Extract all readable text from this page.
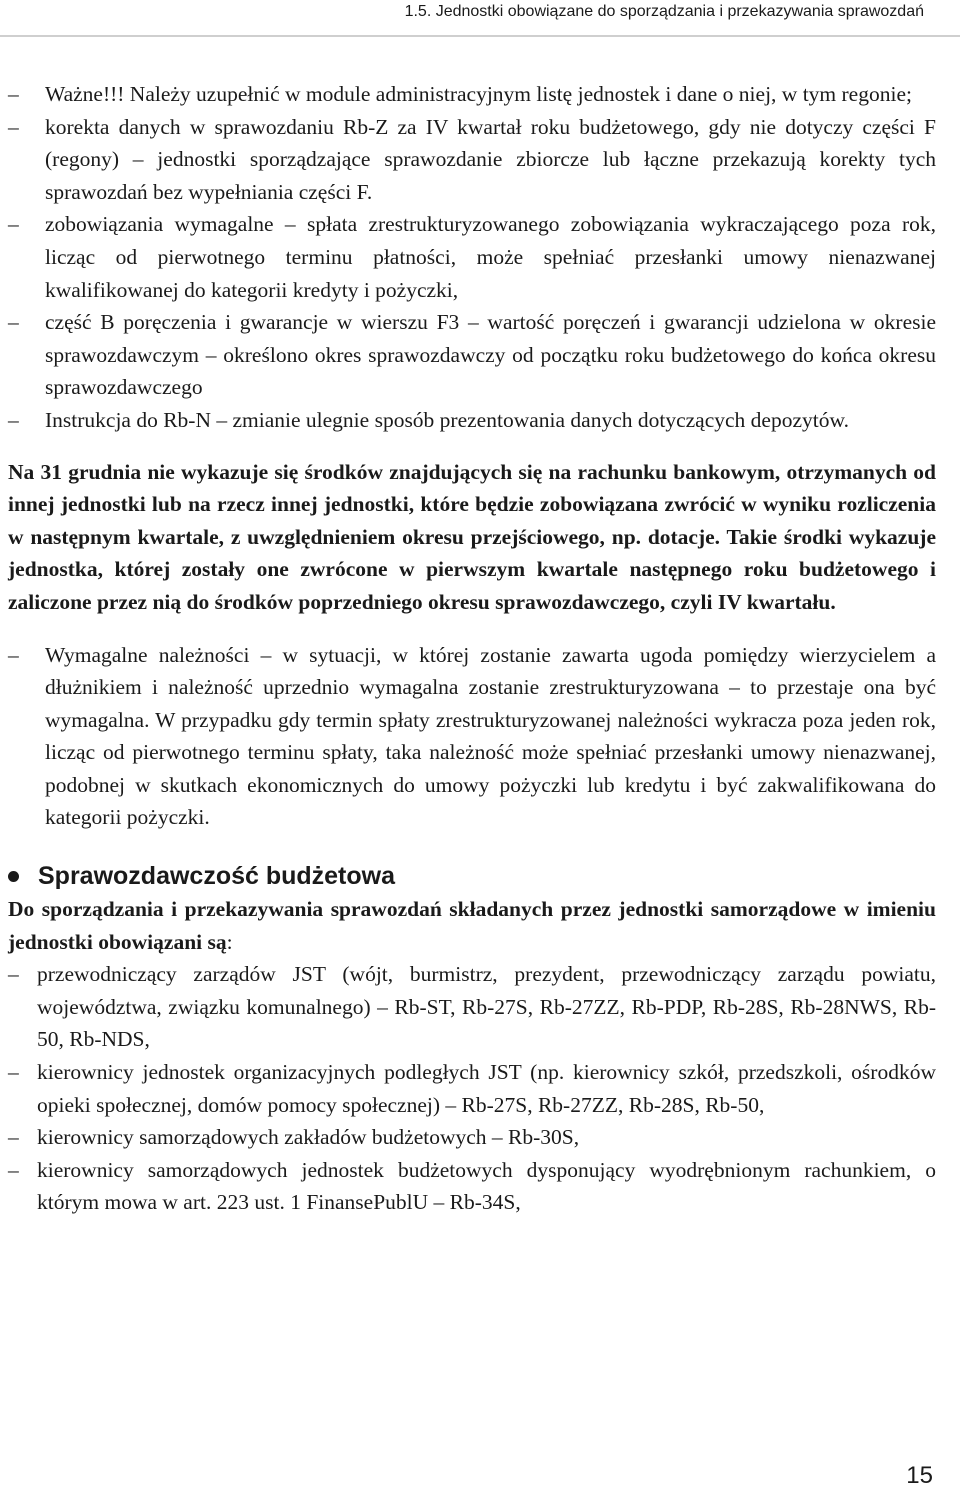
1.5. Jednostki obowiązane do sporządzania i przekazywania sprawozdań
– Ważne!!! Należy uzupełnić w module administracyjnym listę jednostek i dane o niej, w tym regonie;
– korekta danych w sprawozdaniu Rb-Z za IV kwartał roku budżetowego, gdy nie dotyczy części F (regony) – jednostki sporządzające sprawozdanie zbiorcze lub łączne przekazują korekty tych sprawozdań bez wypełniania części F.
– zobowiązania wymagalne – spłata zrestrukturyzowanego zobowiązania wykraczającego poza rok, licząc od pierwotnego terminu płatności, może spełniać przesłanki umowy nienazwanej kwalifikowanej do kategorii kredyty i pożyczki,
– część B poręczenia i gwarancje w wierszu F3 – wartość poręczeń i gwarancji udzielona w okresie sprawozdawczym – określono okres sprawozdawczy od początku roku budżetowego do końca okresu sprawozdawczego
– Instrukcja do Rb-N – zmianie ulegnie sposób prezentowania danych dotyczących depozytów.

Na 31 grudnia nie wykazuje się środków znajdujących się na rachunku bankowym, otrzymanych od innej jednostki lub na rzecz innej jednostki, które będzie zobowiązana zwrócić w wyniku rozliczenia w następnym kwartale, z uwzględnieniem okresu przejściowego, np. dotacje. Takie środki wykazuje jednostka, której zostały one zwrócone w pierwszym kwartale następnego roku budżetowego i zaliczone przez nią do środków poprzedniego okresu sprawozdawczego, czyli IV kwartału.

– Wymagalne należności – w sytuacji, w której zostanie zawarta ugoda pomiędzy wierzycielem a dłużnikiem i należność uprzednio wymagalna zostanie zrestrukturyzowana – to przestaje ona być wymagalna. W przypadku gdy termin spłaty zrestrukturyzowanej należności wykracza poza jeden rok, licząc od pierwotnego terminu spłaty, taka należność może spełniać przesłanki umowy nienazwanej, podobnej w skutkach ekonomicznych do umowy pożyczki lub kredytu i być zakwalifikowana do kategorii pożyczki.
Sprawozdawczość budżetowa

Do sporządzania i przekazywania sprawozdań składanych przez jednostki samorządowe w imieniu jednostki obowiązani są:

– przewodniczący zarządów JST (wójt, burmistrz, prezydent, przewodniczący zarządu powiatu, województwa, związku komunalnego) – Rb-ST, Rb-27S, Rb-27ZZ, Rb-PDP, Rb-28S, Rb-28NWS, Rb-50, Rb-NDS,
– kierownicy jednostek organizacyjnych podległych JST (np. kierownicy szkół, przedszkoli, ośrodków opieki społecznej, domów pomocy społecznej) – Rb-27S, Rb-27ZZ, Rb-28S, Rb-50,
– kierownicy samorządowych zakładów budżetowych – Rb-30S,
– kierownicy samorządowych jednostek budżetowych dysponujący wyodrębnionym rachunkiem, o którym mowa w art. 223 ust. 1 FinansePublU – Rb-34S,
15
